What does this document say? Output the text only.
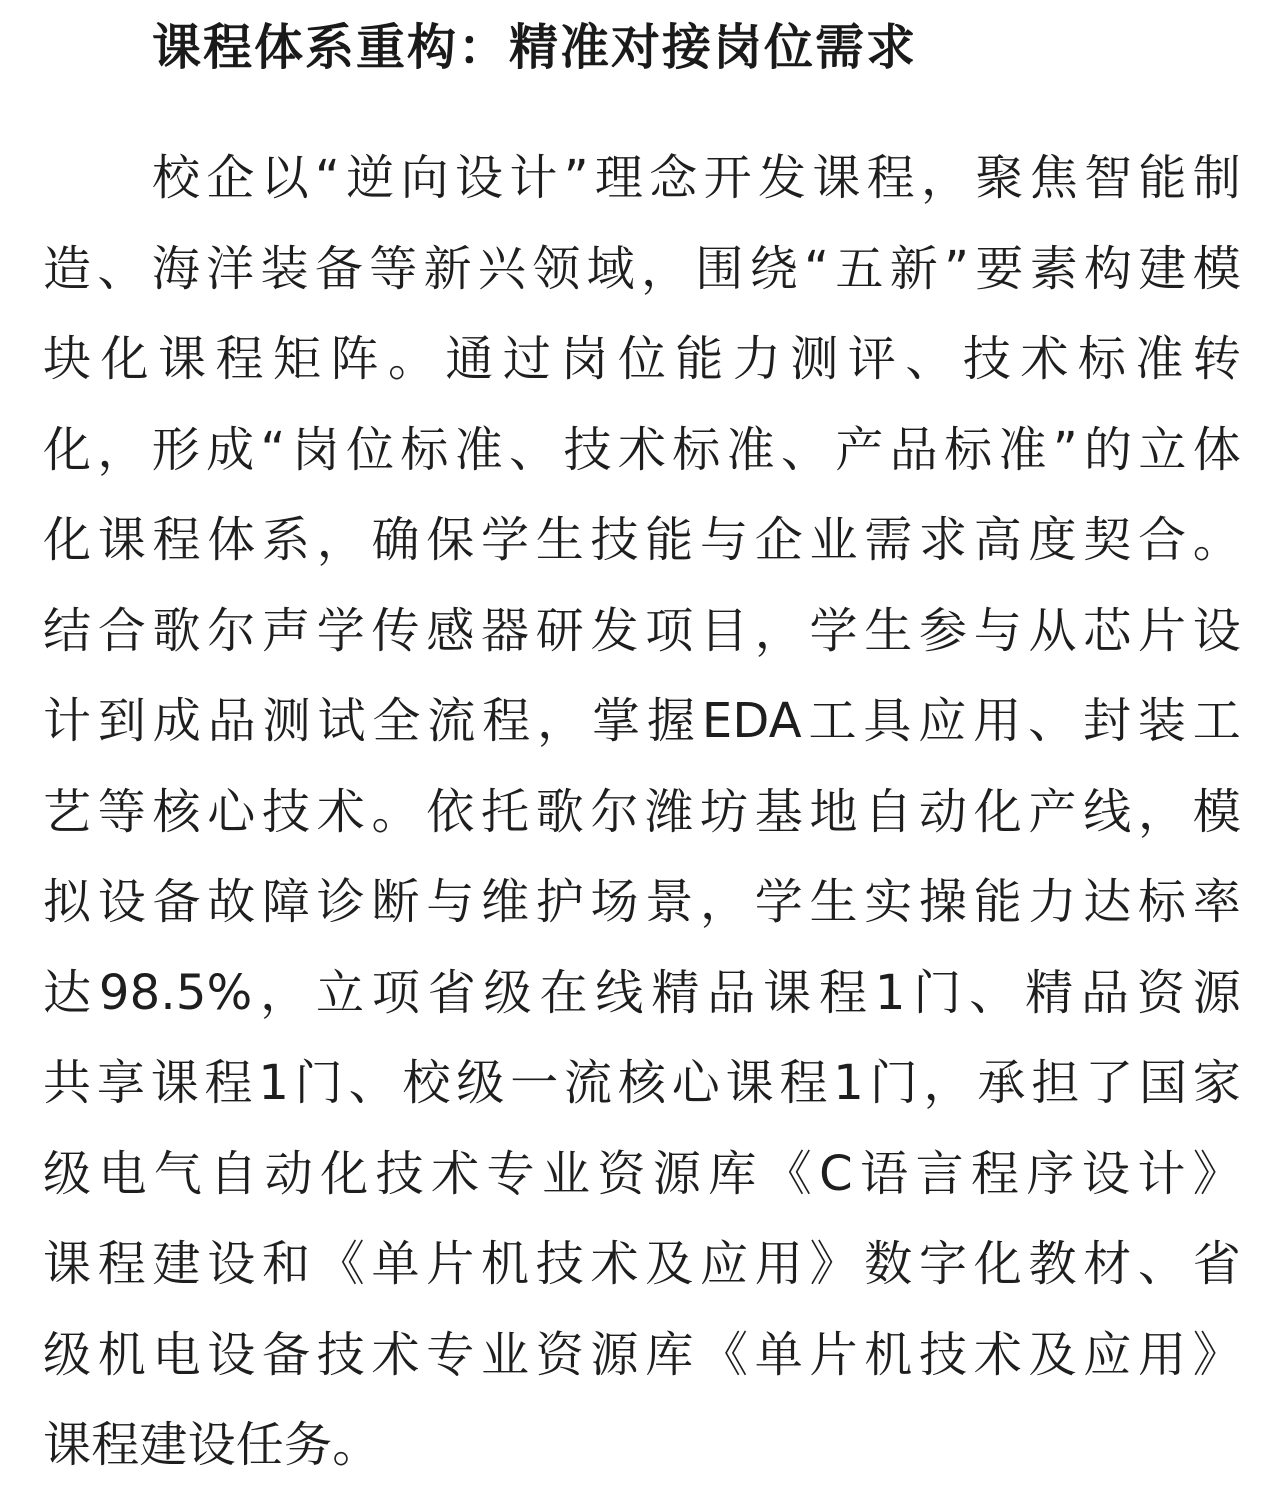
课程体系重构：精准对接岗位需求
校企以“逆向设计”理念开发课程，聚焦智能制
造、海洋装备等新兴领域，围绕“五新”要素构建模
块化课程矩阵。通过岗位能力测评、技术标准转
化，形成“岗位标准、技术标准、产品标准”的立体
化课程体系，确保学生技能与企业需求高度契合。
结合歌尔声学传感器研发项目，学生参与从芯片设
计到成品测试全流程，掌握EDA工具应用、封装工
艺等核心技术。依托歌尔潍坊基地自动化产线，模
拟设备故障诊断与维护场景，学生实操能力达标率
达98.5%，立项省级在线精品课程1门、精品资源
共享课程1门、校级一流核心课程1门，承担了国家
级电气自动化技术专业资源库《C语言程序设计》
课程建设和《单片机技术及应用》数字化教材、省
级机电设备技术专业资源库《单片机技术及应用》
课程建设任务。
